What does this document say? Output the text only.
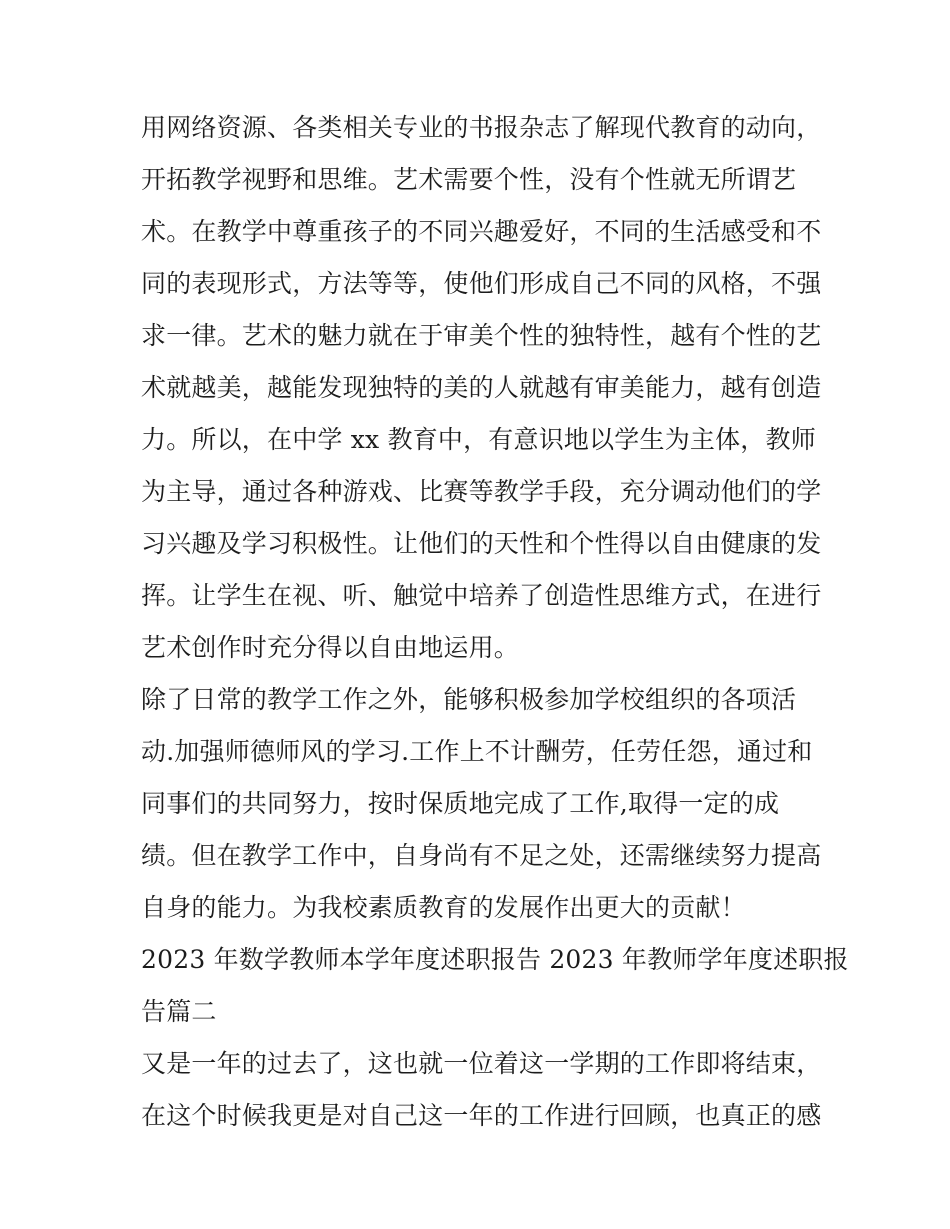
用网络资源、各类相关专业的书报杂志了解现代教育的动向，
开拓教学视野和思维。艺术需要个性，没有个性就无所谓艺
术。在教学中尊重孩子的不同兴趣爱好，不同的生活感受和不
同的表现形式，方法等等，使他们形成自己不同的风格，不强
求一律。艺术的魅力就在于审美个性的独特性，越有个性的艺
术就越美，越能发现独特的美的人就越有审美能力，越有创造
力。所以，在中学 xx 教育中，有意识地以学生为主体，教师
为主导，通过各种游戏、比赛等教学手段，充分调动他们的学
习兴趣及学习积极性。让他们的天性和个性得以自由健康的发
挥。让学生在视、听、触觉中培养了创造性思维方式，在进行
艺术创作时充分得以自由地运用。
除了日常的教学工作之外，能够积极参加学校组织的各项活
动.加强师德师风的学习.工作上不计酬劳，任劳任怨，通过和
同事们的共同努力，按时保质地完成了工作,取得一定的成
绩。但在教学工作中，自身尚有不足之处，还需继续努力提高
自身的能力。为我校素质教育的发展作出更大的贡献！
2023 年数学教师本学年度述职报告 2023 年教师学年度述职报
告篇二
又是一年的过去了，这也就一位着这一学期的工作即将结束，
在这个时候我更是对自己这一年的工作进行回顾，也真正的感
